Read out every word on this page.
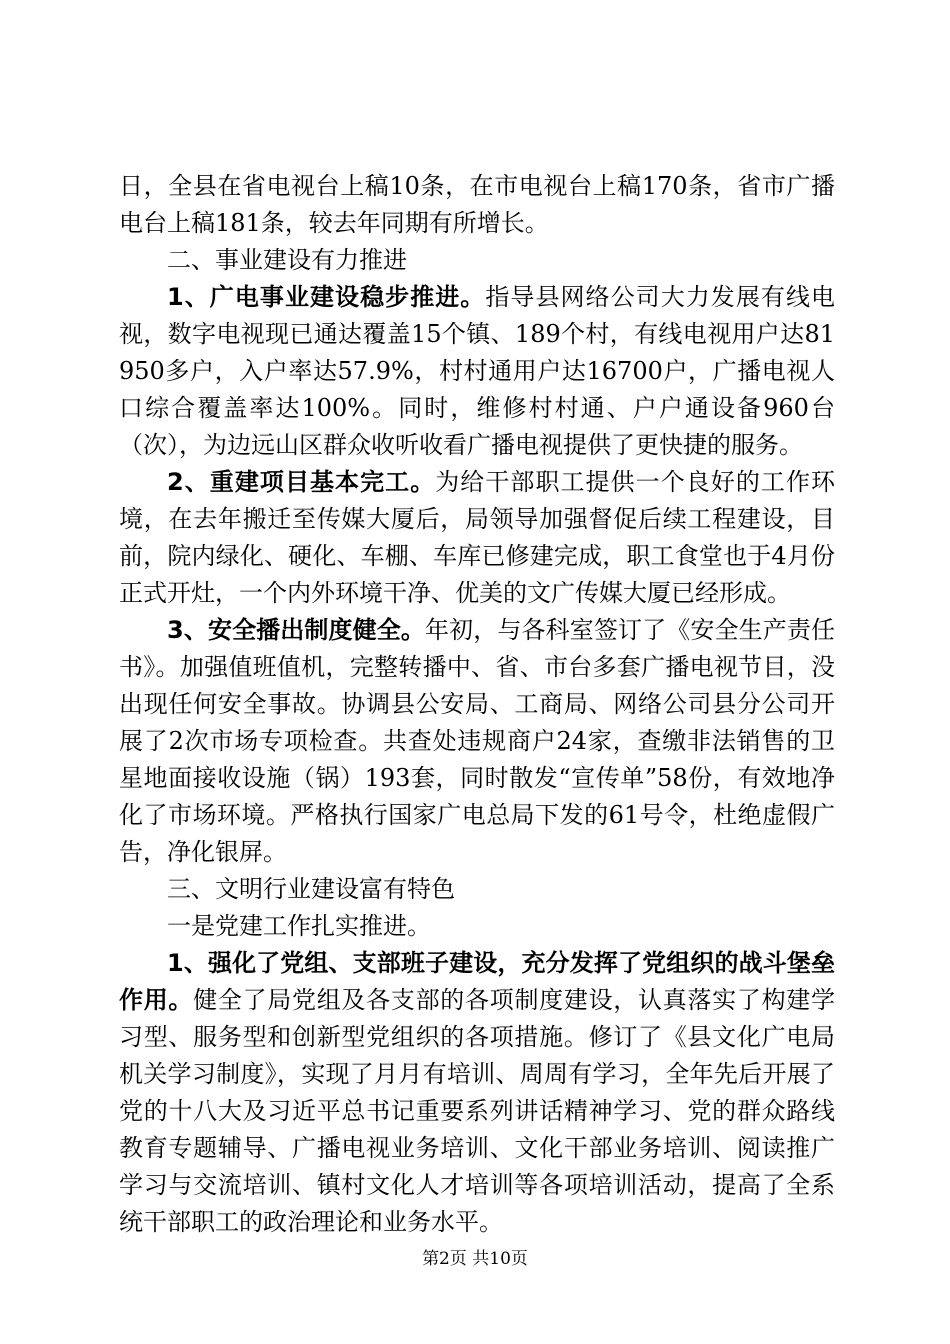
日，全县在省电视台上稿10条，在市电视台上稿170条，省市广播电台上稿181条，较去年同期有所增长。

二、事业建设有力推进

1、广电事业建设稳步推进。指导县网络公司大力发展有线电视，数字电视现已通达覆盖15个镇、189个村，有线电视用户达81950多户，入户率达57.9%，村村通用户达16700户，广播电视人口综合覆盖率达100%。同时，维修村村通、户户通设备960台（次），为边远山区群众收听收看广播电视提供了更快捷的服务。

2、重建项目基本完工。为给干部职工提供一个良好的工作环境，在去年搬迁至传媒大厦后，局领导加强督促后续工程建设，目前，院内绿化、硬化、车棚、车库已修建完成，职工食堂也于4月份正式开灶，一个内外环境干净、优美的文广传媒大厦已经形成。

3、安全播出制度健全。年初，与各科室签订了《安全生产责任书》。加强值班值机，完整转播中、省、市台多套广播电视节目，没出现任何安全事故。协调县公安局、工商局、网络公司县分公司开展了2次市场专项检查。共查处违规商户24家，查缴非法销售的卫星地面接收设施（锅）193套，同时散发“宣传单”58份，有效地净化了市场环境。严格执行国家广电总局下发的61号令，杜绝虚假广告，净化银屏。

三、文明行业建设富有特色

一是党建工作扎实推进。

1、强化了党组、支部班子建设，充分发挥了党组织的战斗堡垒作用。健全了局党组及各支部的各项制度建设，认真落实了构建学习型、服务型和创新型党组织的各项措施。修订了《县文化广电局机关学习制度》，实现了月月有培训、周周有学习，全年先后开展了党的十八大及习近平总书记重要系列讲话精神学习、党的群众路线教育专题辅导、广播电视业务培训、文化干部业务培训、阅读推广学习与交流培训、镇村文化人才培训等各项培训活动，提高了全系统干部职工的政治理论和业务水平。

第2页 共10页
